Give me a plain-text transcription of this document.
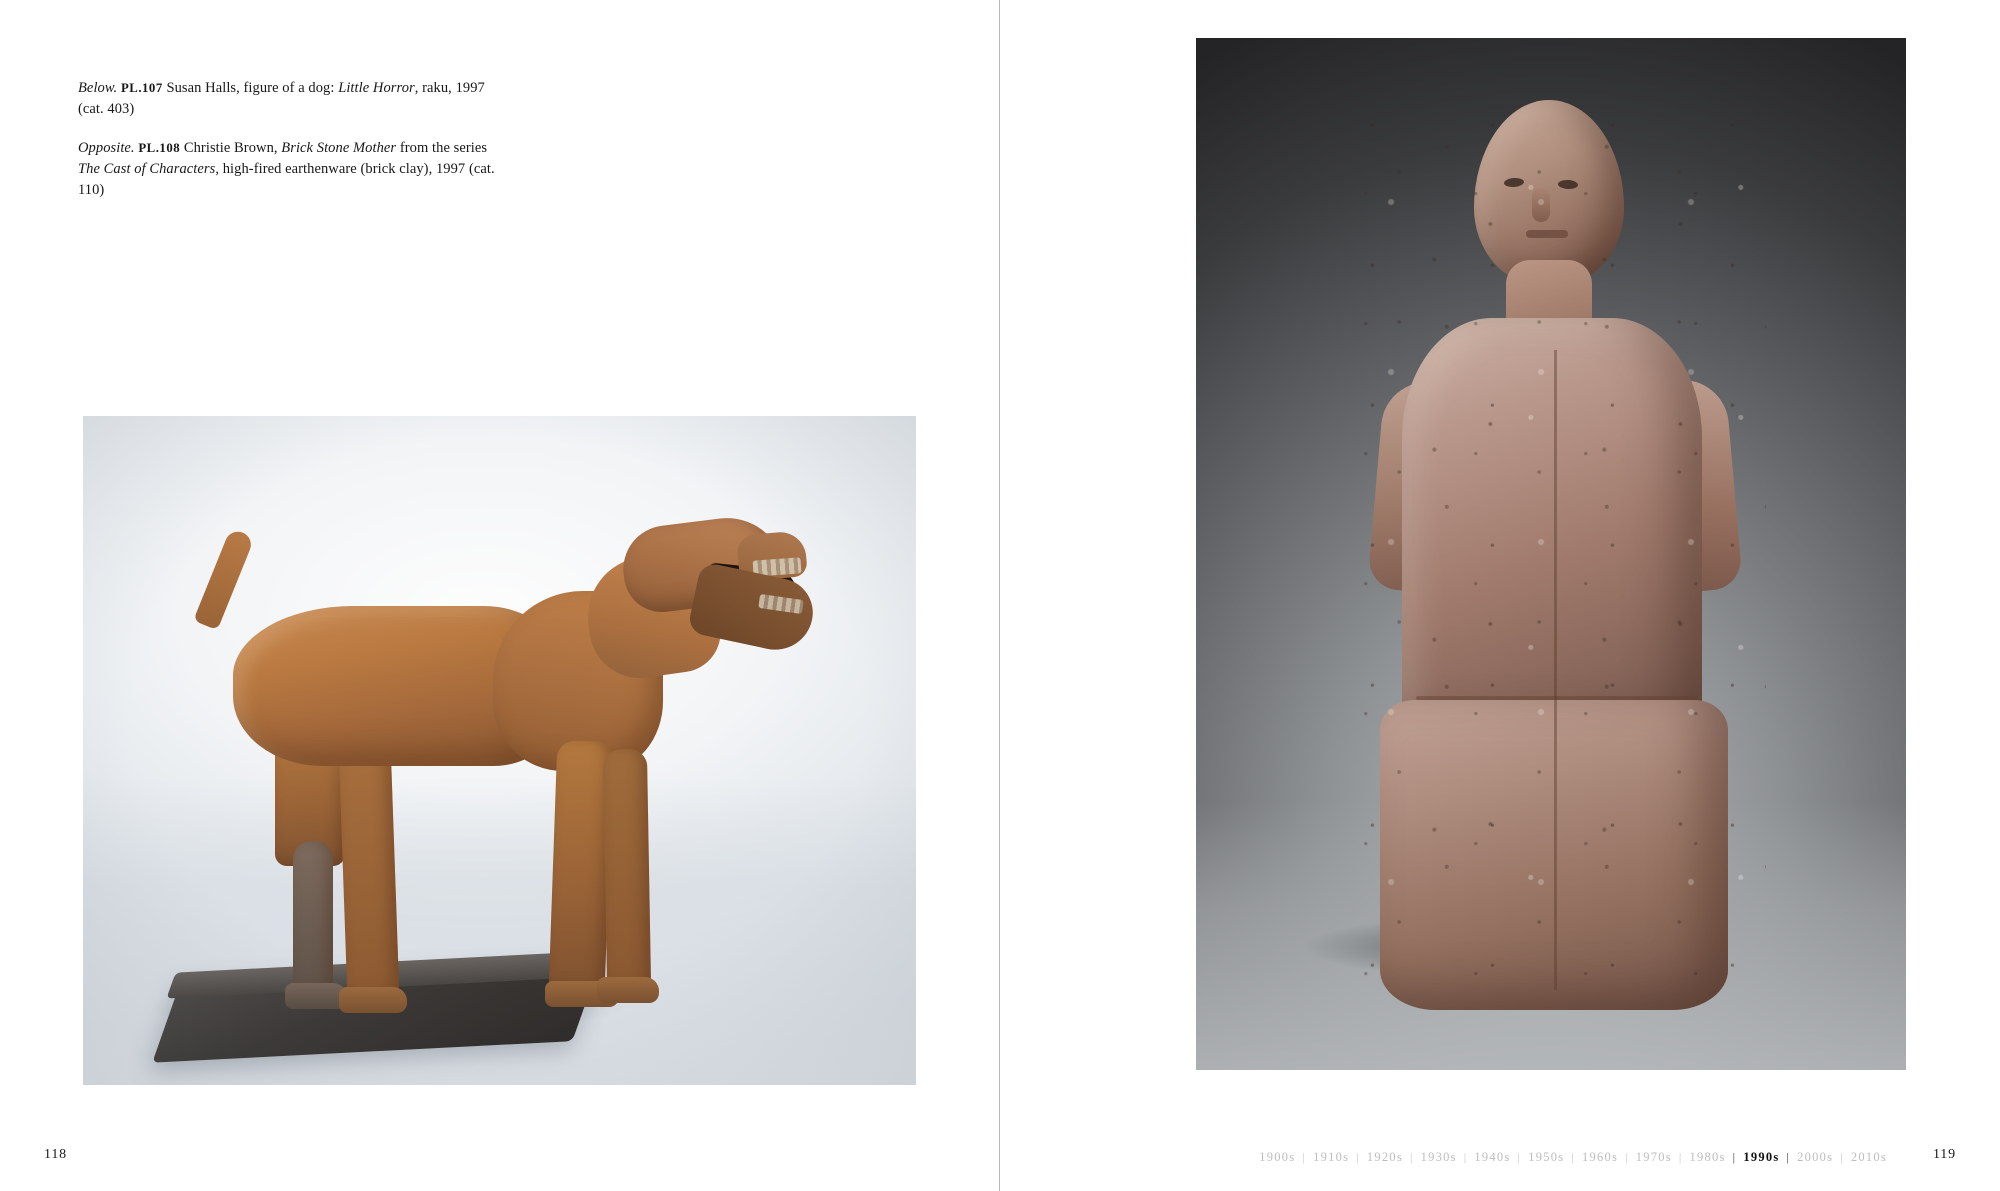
Below. PL.107 Susan Halls, figure of a dog: Little Horror, raku, 1997 (cat. 403)

Opposite. PL.108 Christie Brown, Brick Stone Mother from the series The Cast of Characters, high-fired earthenware (brick clay), 1997 (cat. 110)

118	1900s | 1910s | 1920s | 1930s | 1940s | 1950s | 1960s | 1970s | 1980s | 1990s | 2000s | 2010s	119
